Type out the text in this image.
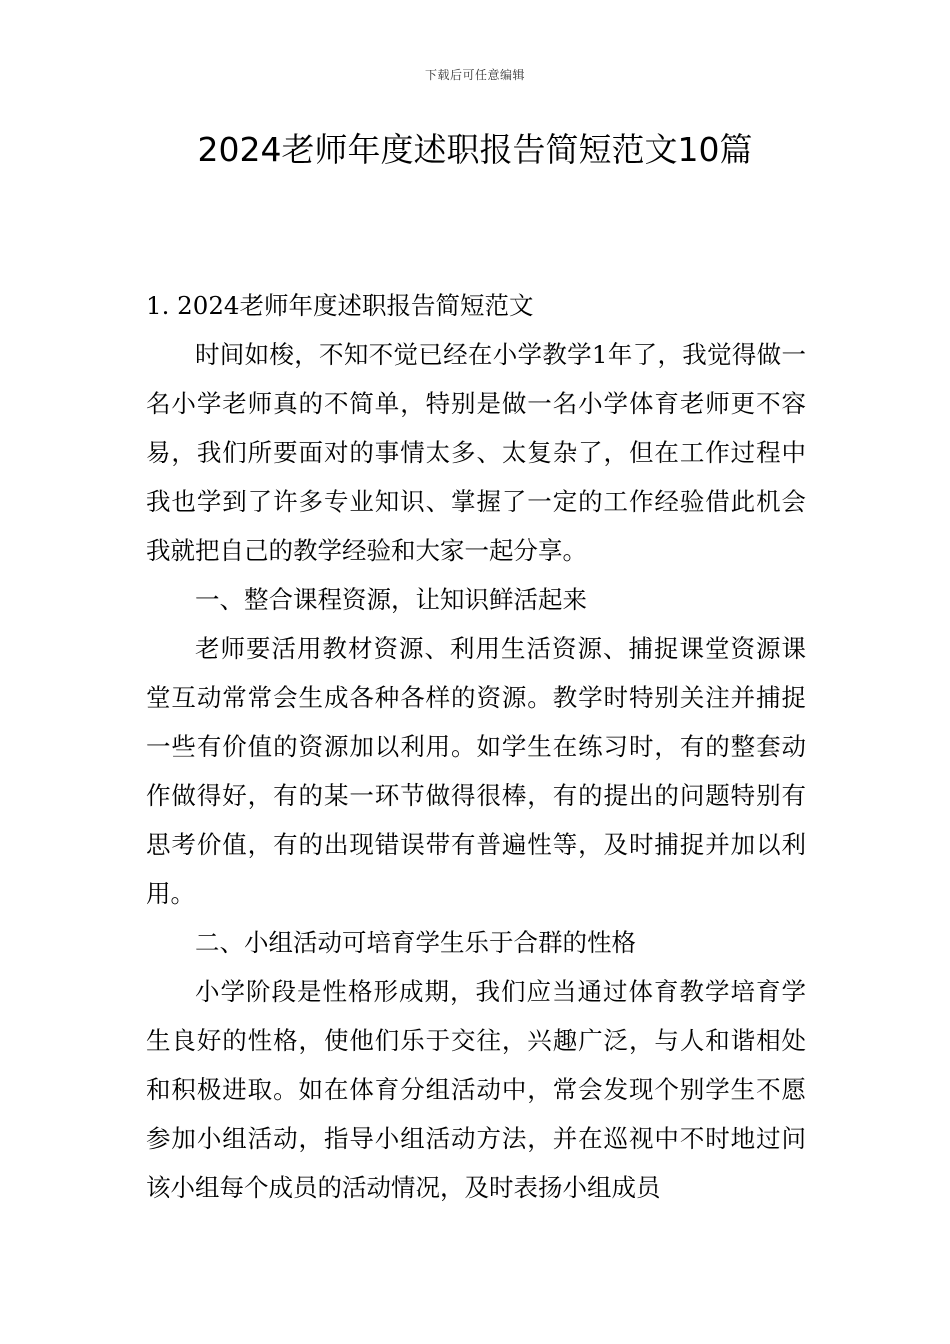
下载后可任意编辑
2024老师年度述职报告简短范文10篇

1. 2024老师年度述职报告简短范文

时间如梭，不知不觉已经在小学教学1年了，我觉得做一名小学老师真的不简单，特别是做一名小学体育老师更不容易，我们所要面对的事情太多、太复杂了，但在工作过程中我也学到了许多专业知识、掌握了一定的工作经验借此机会我就把自己的教学经验和大家一起分享。

一、整合课程资源，让知识鲜活起来

老师要活用教材资源、利用生活资源、捕捉课堂资源课堂互动常常会生成各种各样的资源。教学时特别关注并捕捉一些有价值的资源加以利用。如学生在练习时，有的整套动作做得好，有的某一环节做得很棒，有的提出的问题特别有思考价值，有的出现错误带有普遍性等，及时捕捉并加以利用。

二、小组活动可培育学生乐于合群的性格

小学阶段是性格形成期，我们应当通过体育教学培育学生良好的性格，使他们乐于交往，兴趣广泛，与人和谐相处和积极进取。如在体育分组活动中，常会发现个别学生不愿参加小组活动，指导小组活动方法，并在巡视中不时地过问该小组每个成员的活动情况，及时表扬小组成员
